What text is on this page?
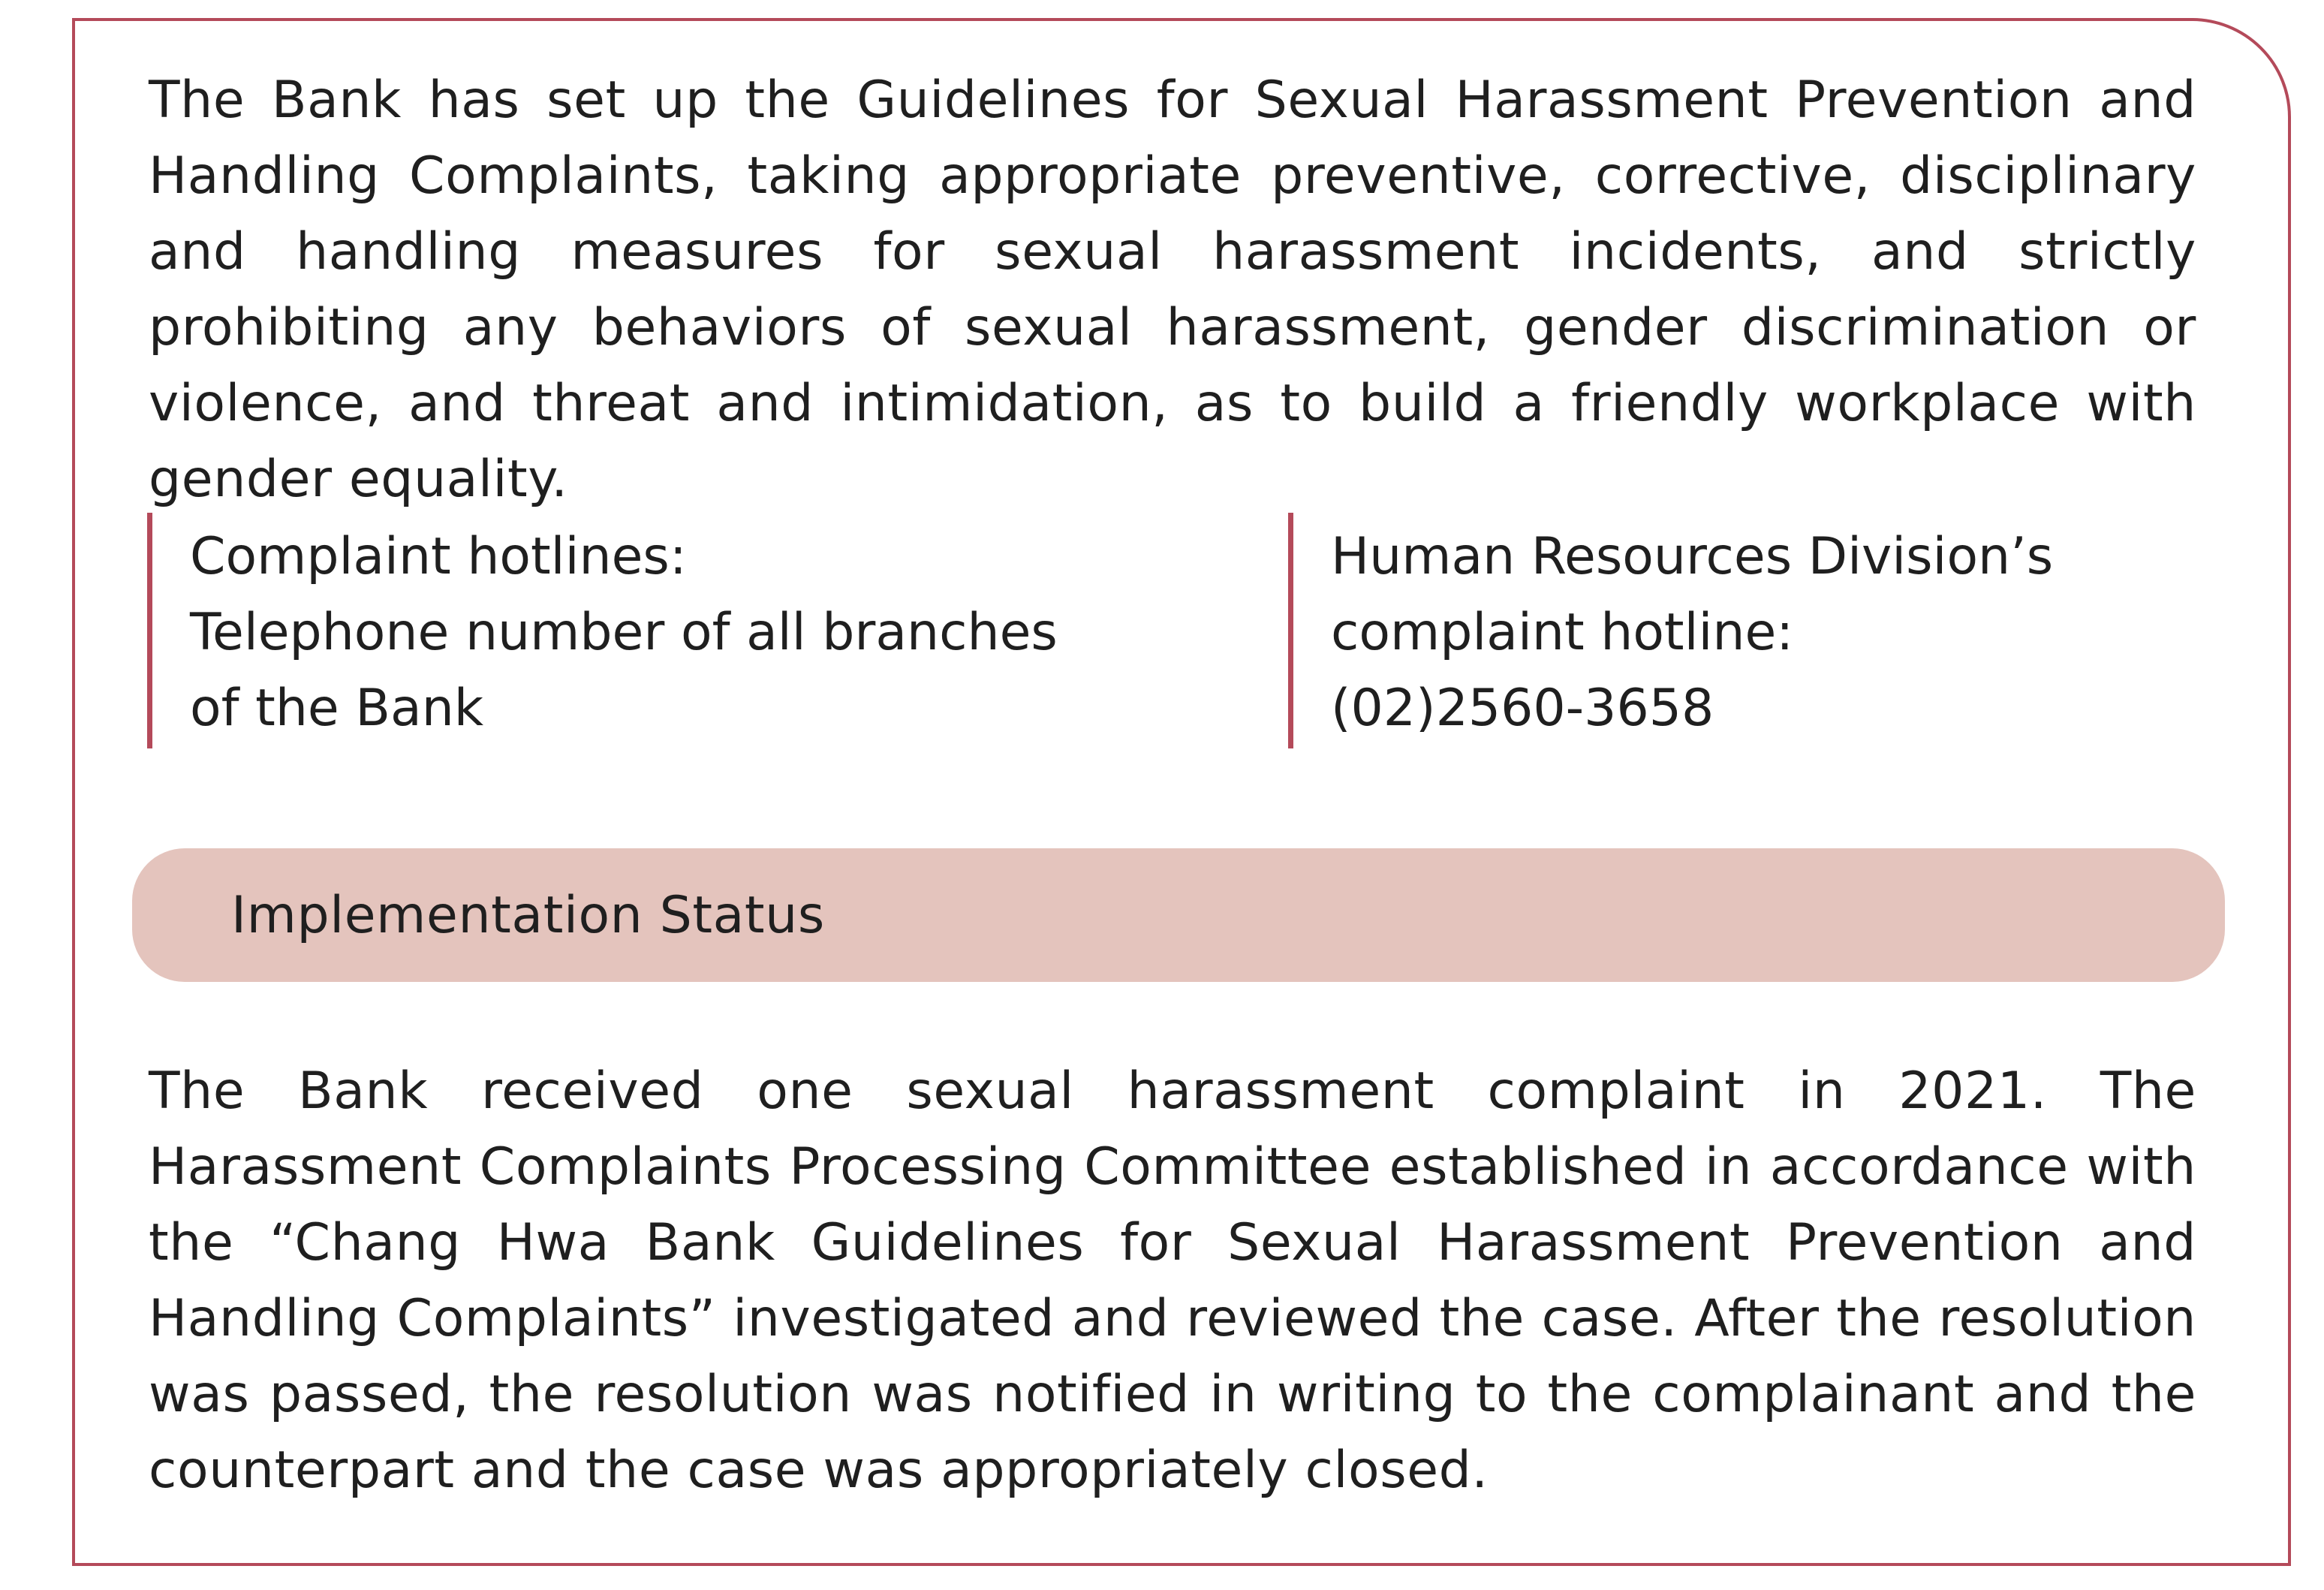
The Bank has set up the Guidelines for Sexual Harassment Prevention and Handling Complaints, taking appropriate preventive, corrective, disciplinary and handling measures for sexual harassment incidents, and strictly prohibiting any behaviors of sexual harassment, gender discrimination or violence, and threat and intimidation, as to build a friendly workplace with gender equality.

Complaint hotlines:
Telephone number of all branches
of the Bank
Human Resources Division’s
complaint hotline:
(02)2560-3658
Implementation Status

The Bank received one sexual harassment complaint in 2021. The Harassment Complaints Processing Committee established in accordance with the “Chang Hwa Bank Guidelines for Sexual Harassment Prevention and Handling Complaints” investigated and reviewed the case. After the resolution was passed, the resolution was notified in writing to the complainant and the counterpart and the case was appropriately closed.
